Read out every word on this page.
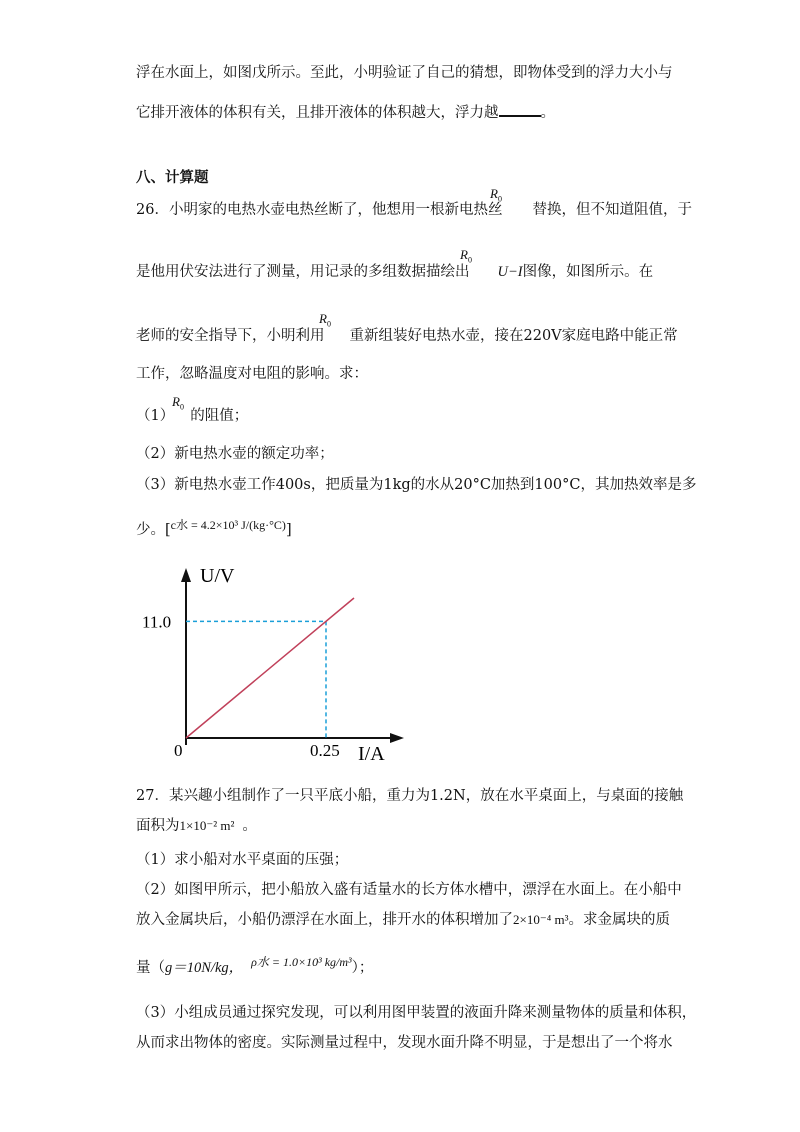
浮在水面上，如图戊所示。至此，小明验证了自己的猜想，即物体受到的浮力大小与
它排开液体的体积有关，且排开液体的体积越大，浮力越	。
八、计算题
26．小明家的电热水壶电热丝断了，他想用一根新电热丝 替换，但不知道阻值，于
$R_0$
是他用伏安法进行了测量，用记录的多组数据描绘出 U−I图像，如图所示。在
$R_0$
老师的安全指导下，小明利用 重新组装好电热水壶，接在220V家庭电路中能正常
$R_0$
工作，忽略温度对电阻的影响。求：
（1） 的阻值；
$R_0$
（2）新电热水壶的额定功率；
（3）新电热水壶工作400s，把质量为1kg的水从20°C加热到100°C，其加热效率是多
少。[$^{c水 = 4.2\times 10^3 J/(kg\cdot^\circ C)}$]
U/V
I/A
0
11.0
0.25
27．某兴趣小组制作了一只平底小船，重力为1.2N，放在水平桌面上，与桌面的接触
面积为1×10⁻² m² 。
（1）求小船对水平桌面的压强；
（2）如图甲所示，把小船放入盛有适量水的长方体水槽中，漂浮在水面上。在小船中
放入金属块后，小船仍漂浮在水面上，排开水的体积增加了2×10⁻⁴ m³。求金属块的质
量（g＝10N/kg， $^{\rho 水 = 1.0\times 10^3 kg/m^3}$）；
（3）小组成员通过探究发现，可以利用图甲装置的液面升降来测量物体的质量和体积，
从而求出物体的密度。实际测量过程中，发现水面升降不明显，于是想出了一个将水
